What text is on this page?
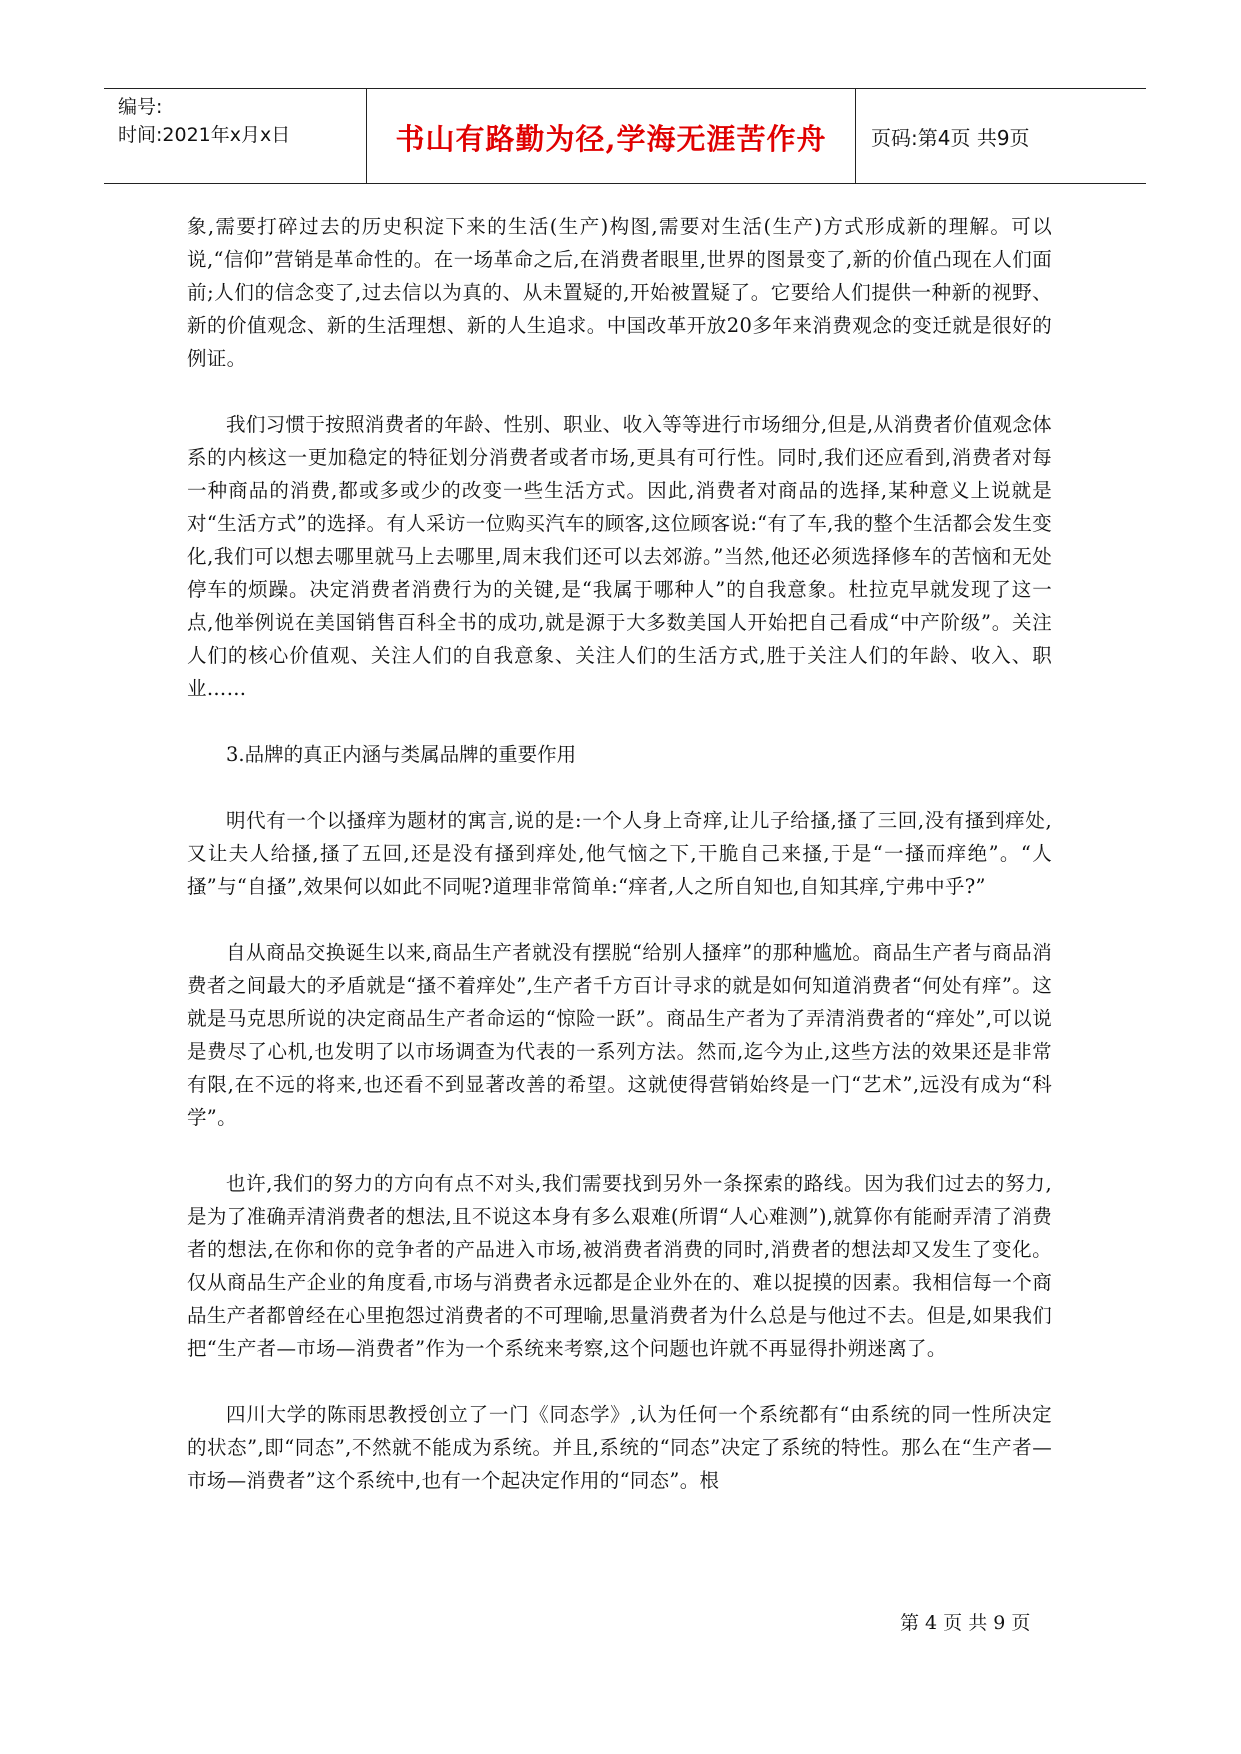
编号:
时间:2021年x月x日	书山有路勤为径,学海无涯苦作舟	页码:第4页 共9页

象,需要打碎过去的历史积淀下来的生活(生产)构图,需要对生活(生产)方式形成新的理解。可以说,“信仰”营销是革命性的。在一场革命之后,在消费者眼里,世界的图景变了,新的价值凸现在人们面前;人们的信念变了,过去信以为真的、从未置疑的,开始被置疑了。它要给人们提供一种新的视野、新的价值观念、新的生活理想、新的人生追求。中国改革开放20多年来消费观念的变迁就是很好的例证。

我们习惯于按照消费者的年龄、性别、职业、收入等等进行市场细分,但是,从消费者价值观念体系的内核这一更加稳定的特征划分消费者或者市场,更具有可行性。同时,我们还应看到,消费者对每一种商品的消费,都或多或少的改变一些生活方式。因此,消费者对商品的选择,某种意义上说就是对“生活方式”的选择。有人采访一位购买汽车的顾客,这位顾客说:“有了车,我的整个生活都会发生变化,我们可以想去哪里就马上去哪里,周末我们还可以去郊游。”当然,他还必须选择修车的苦恼和无处停车的烦躁。决定消费者消费行为的关键,是“我属于哪种人”的自我意象。杜拉克早就发现了这一点,他举例说在美国销售百科全书的成功,就是源于大多数美国人开始把自己看成“中产阶级”。关注人们的核心价值观、关注人们的自我意象、关注人们的生活方式,胜于关注人们的年龄、收入、职业……

3.品牌的真正内涵与类属品牌的重要作用

明代有一个以搔痒为题材的寓言,说的是:一个人身上奇痒,让儿子给搔,搔了三回,没有搔到痒处,又让夫人给搔,搔了五回,还是没有搔到痒处,他气恼之下,干脆自己来搔,于是“一搔而痒绝”。“人搔”与“自搔”,效果何以如此不同呢?道理非常简单:“痒者,人之所自知也,自知其痒,宁弗中乎?”

自从商品交换诞生以来,商品生产者就没有摆脱“给别人搔痒”的那种尴尬。商品生产者与商品消费者之间最大的矛盾就是“搔不着痒处”,生产者千方百计寻求的就是如何知道消费者“何处有痒”。这就是马克思所说的决定商品生产者命运的“惊险一跃”。商品生产者为了弄清消费者的“痒处”,可以说是费尽了心机,也发明了以市场调查为代表的一系列方法。然而,迄今为止,这些方法的效果还是非常有限,在不远的将来,也还看不到显著改善的希望。这就使得营销始终是一门“艺术”,远没有成为“科学”。

也许,我们的努力的方向有点不对头,我们需要找到另外一条探索的路线。因为我们过去的努力,是为了准确弄清消费者的想法,且不说这本身有多么艰难(所谓“人心难测”),就算你有能耐弄清了消费者的想法,在你和你的竞争者的产品进入市场,被消费者消费的同时,消费者的想法却又发生了变化。仅从商品生产企业的角度看,市场与消费者永远都是企业外在的、难以捉摸的因素。我相信每一个商品生产者都曾经在心里抱怨过消费者的不可理喻,思量消费者为什么总是与他过不去。但是,如果我们把“生产者—市场—消费者”作为一个系统来考察,这个问题也许就不再显得扑朔迷离了。

四川大学的陈雨思教授创立了一门《同态学》,认为任何一个系统都有“由系统的同一性所决定的状态”,即“同态”,不然就不能成为系统。并且,系统的“同态”决定了系统的特性。那么在“生产者—市场—消费者”这个系统中,也有一个起决定作用的“同态”。根

第 4 页 共 9 页
